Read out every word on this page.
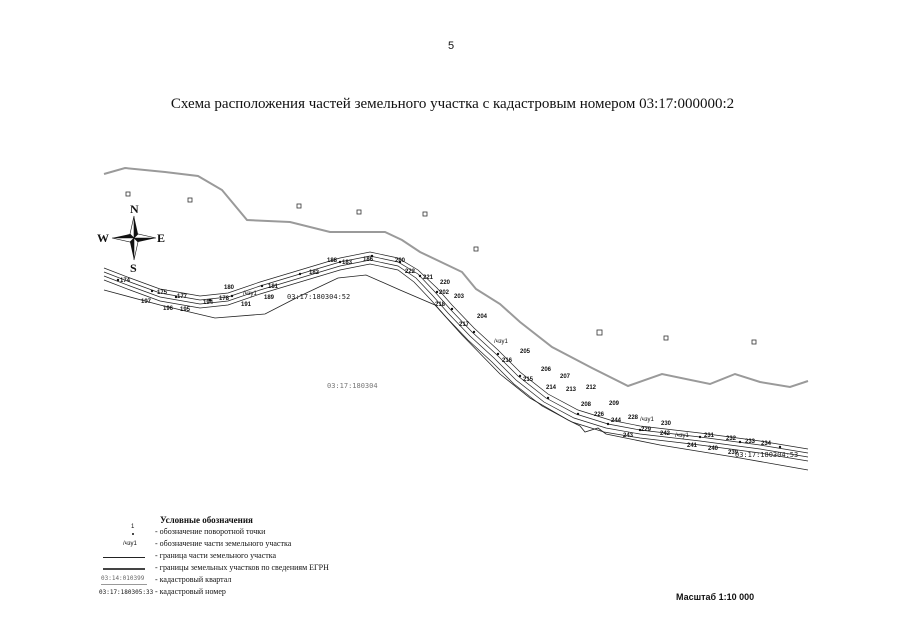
5
Схема расположения частей земельного участка с кадастровым номером 03:17:000000:2
174
197
175
196
177
195
194
178
180
191
181
189
182
183
188	186	200
222
221
220
202
203
218
204
217
205
216
206
207
215
214 213 212
208	209
226
244 228
243
229
230
242
241
231
240
232
239
233 234
/чзу1
/чзу1
/чзу1
/чзу1
03:17:180304:52
03:17:180304:53
03:17:180304
N
S
W	E
Условные обозначения
1	- обозначение поворотной точки
/чзу1 - обозначение части земельного участка
- граница части земельного участка
- границы земельных участков по сведениям ЕГРН
03:14:010399 - кадастровый квартал
03:17:180305:33 - кадастровый номер
Масштаб 1:10 000
